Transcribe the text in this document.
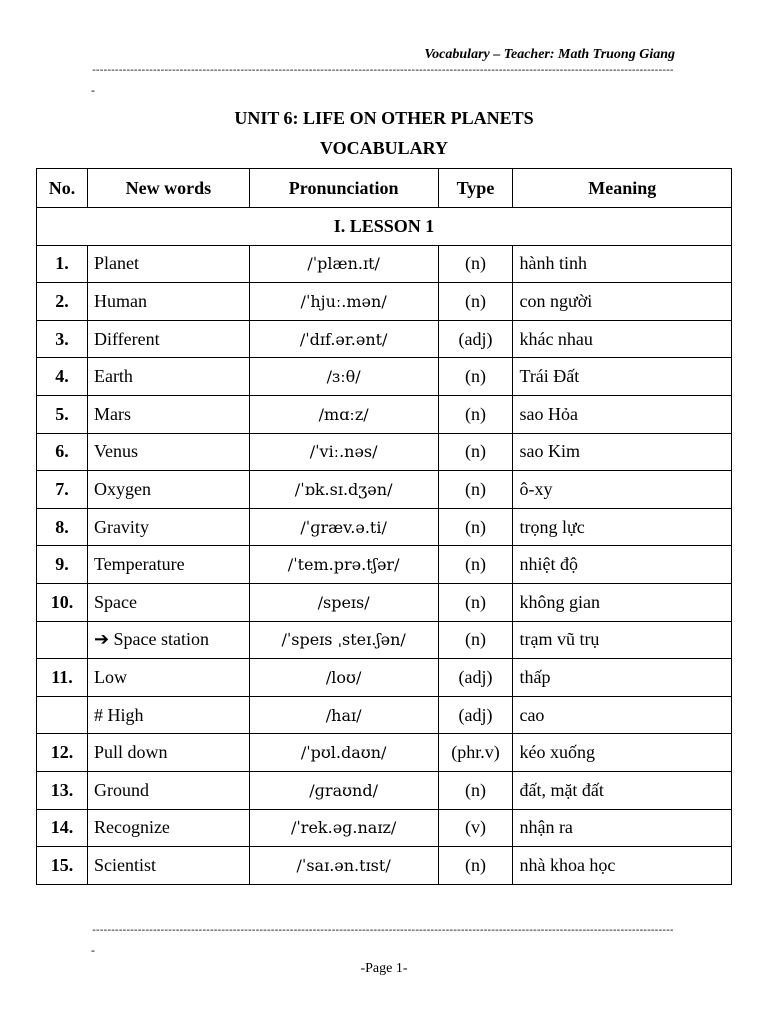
Vocabulary – Teacher: Math Truong Giang
-----
-
UNIT 6: LIFE ON OTHER PLANETS
VOCABULARY
No.	New words	Pronunciation	Type	Meaning
I. LESSON 1				
1.	Planet	/ˈplæn.ɪt/	(n)	hành tinh
2.	Human	/ˈhjuː.mən/	(n)	con người
3.	Different	/ˈdɪf.ər.ənt/	(adj)	khác nhau
4.	Earth	/ɜːθ/	(n)	Trái Đất
5.	Mars	/mɑːz/	(n)	sao Hỏa
6.	Venus	/ˈviː.nəs/	(n)	sao Kim
7.	Oxygen	/ˈɒk.sɪ.dʒən/	(n)	ô-xy
8.	Gravity	/ˈɡræv.ə.ti/	(n)	trọng lực
9.	Temperature	/ˈtem.prə.tʃər/	(n)	nhiệt độ
10.	Space	/speɪs/	(n)	không gian
	➔ Space station	/ˈspeɪs ˌsteɪ.ʃən/	(n)	trạm vũ trụ
11.	Low	/loʊ/	(adj)	thấp
	# High	/haɪ/	(adj)	cao
12.	Pull down	/ˈpʊl.daʊn/	(phr.v)	kéo xuống
13.	Ground	/ɡraʊnd/	(n)	đất, mặt đất
14.	Recognize	/ˈrek.əɡ.naɪz/	(v)	nhận ra
15.	Scientist	/ˈsaɪ.ən.tɪst/	(n)	nhà khoa học
-----
-
-Page 1-
